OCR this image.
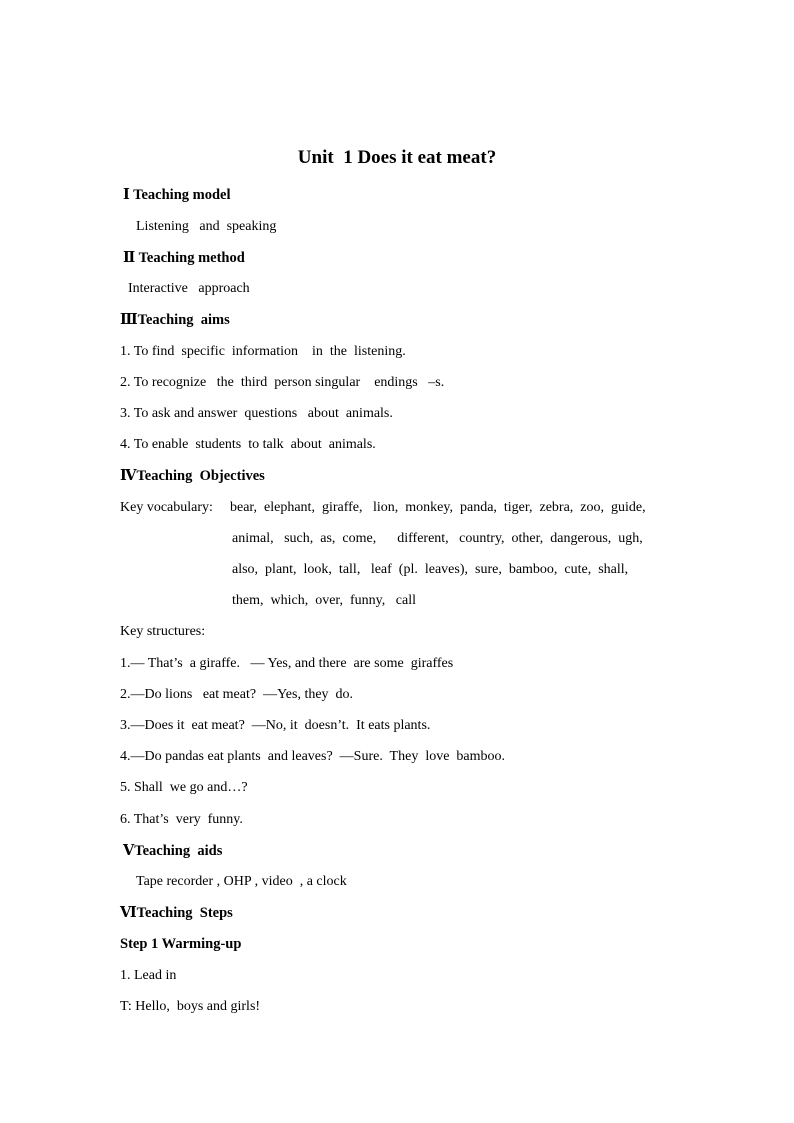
Unit  1 Does it eat meat?
Ⅰ Teaching model
Listening   and  speaking
Ⅱ Teaching method
Interactive   approach
ⅢTeaching  aims
1. To find  specific  information    in  the  listening.
2. To recognize   the  third  person singular    endings   –s.
3. To ask and answer  questions   about  animals.
4. To enable  students  to talk  about  animals.
ⅣTeaching  Objectives
Key vocabulary: bear,  elephant,  giraffe,   lion,  monkey,  panda,  tiger,  zebra,  zoo,  guide,
animal,   such,  as,  come,      different,   country,  other,  dangerous,  ugh,
also,  plant,  look,  tall,   leaf  (pl.  leaves),  sure,  bamboo,  cute,  shall,
them,  which,  over,  funny,   call
Key structures:
1.— That’s  a giraffe.   — Yes, and there  are some  giraffes
2.—Do lions   eat meat?  —Yes, they  do.
3.—Does it  eat meat?  —No, it  doesn’t.  It eats plants.
4.—Do pandas eat plants  and leaves?  —Sure.  They  love  bamboo.
5. Shall  we go and…?
6. That’s  very  funny.
ⅤTeaching  aids
Tape recorder , OHP , video  , a clock
ⅥTeaching  Steps
Step 1 Warming-up
1. Lead in
T: Hello,  boys and girls!
